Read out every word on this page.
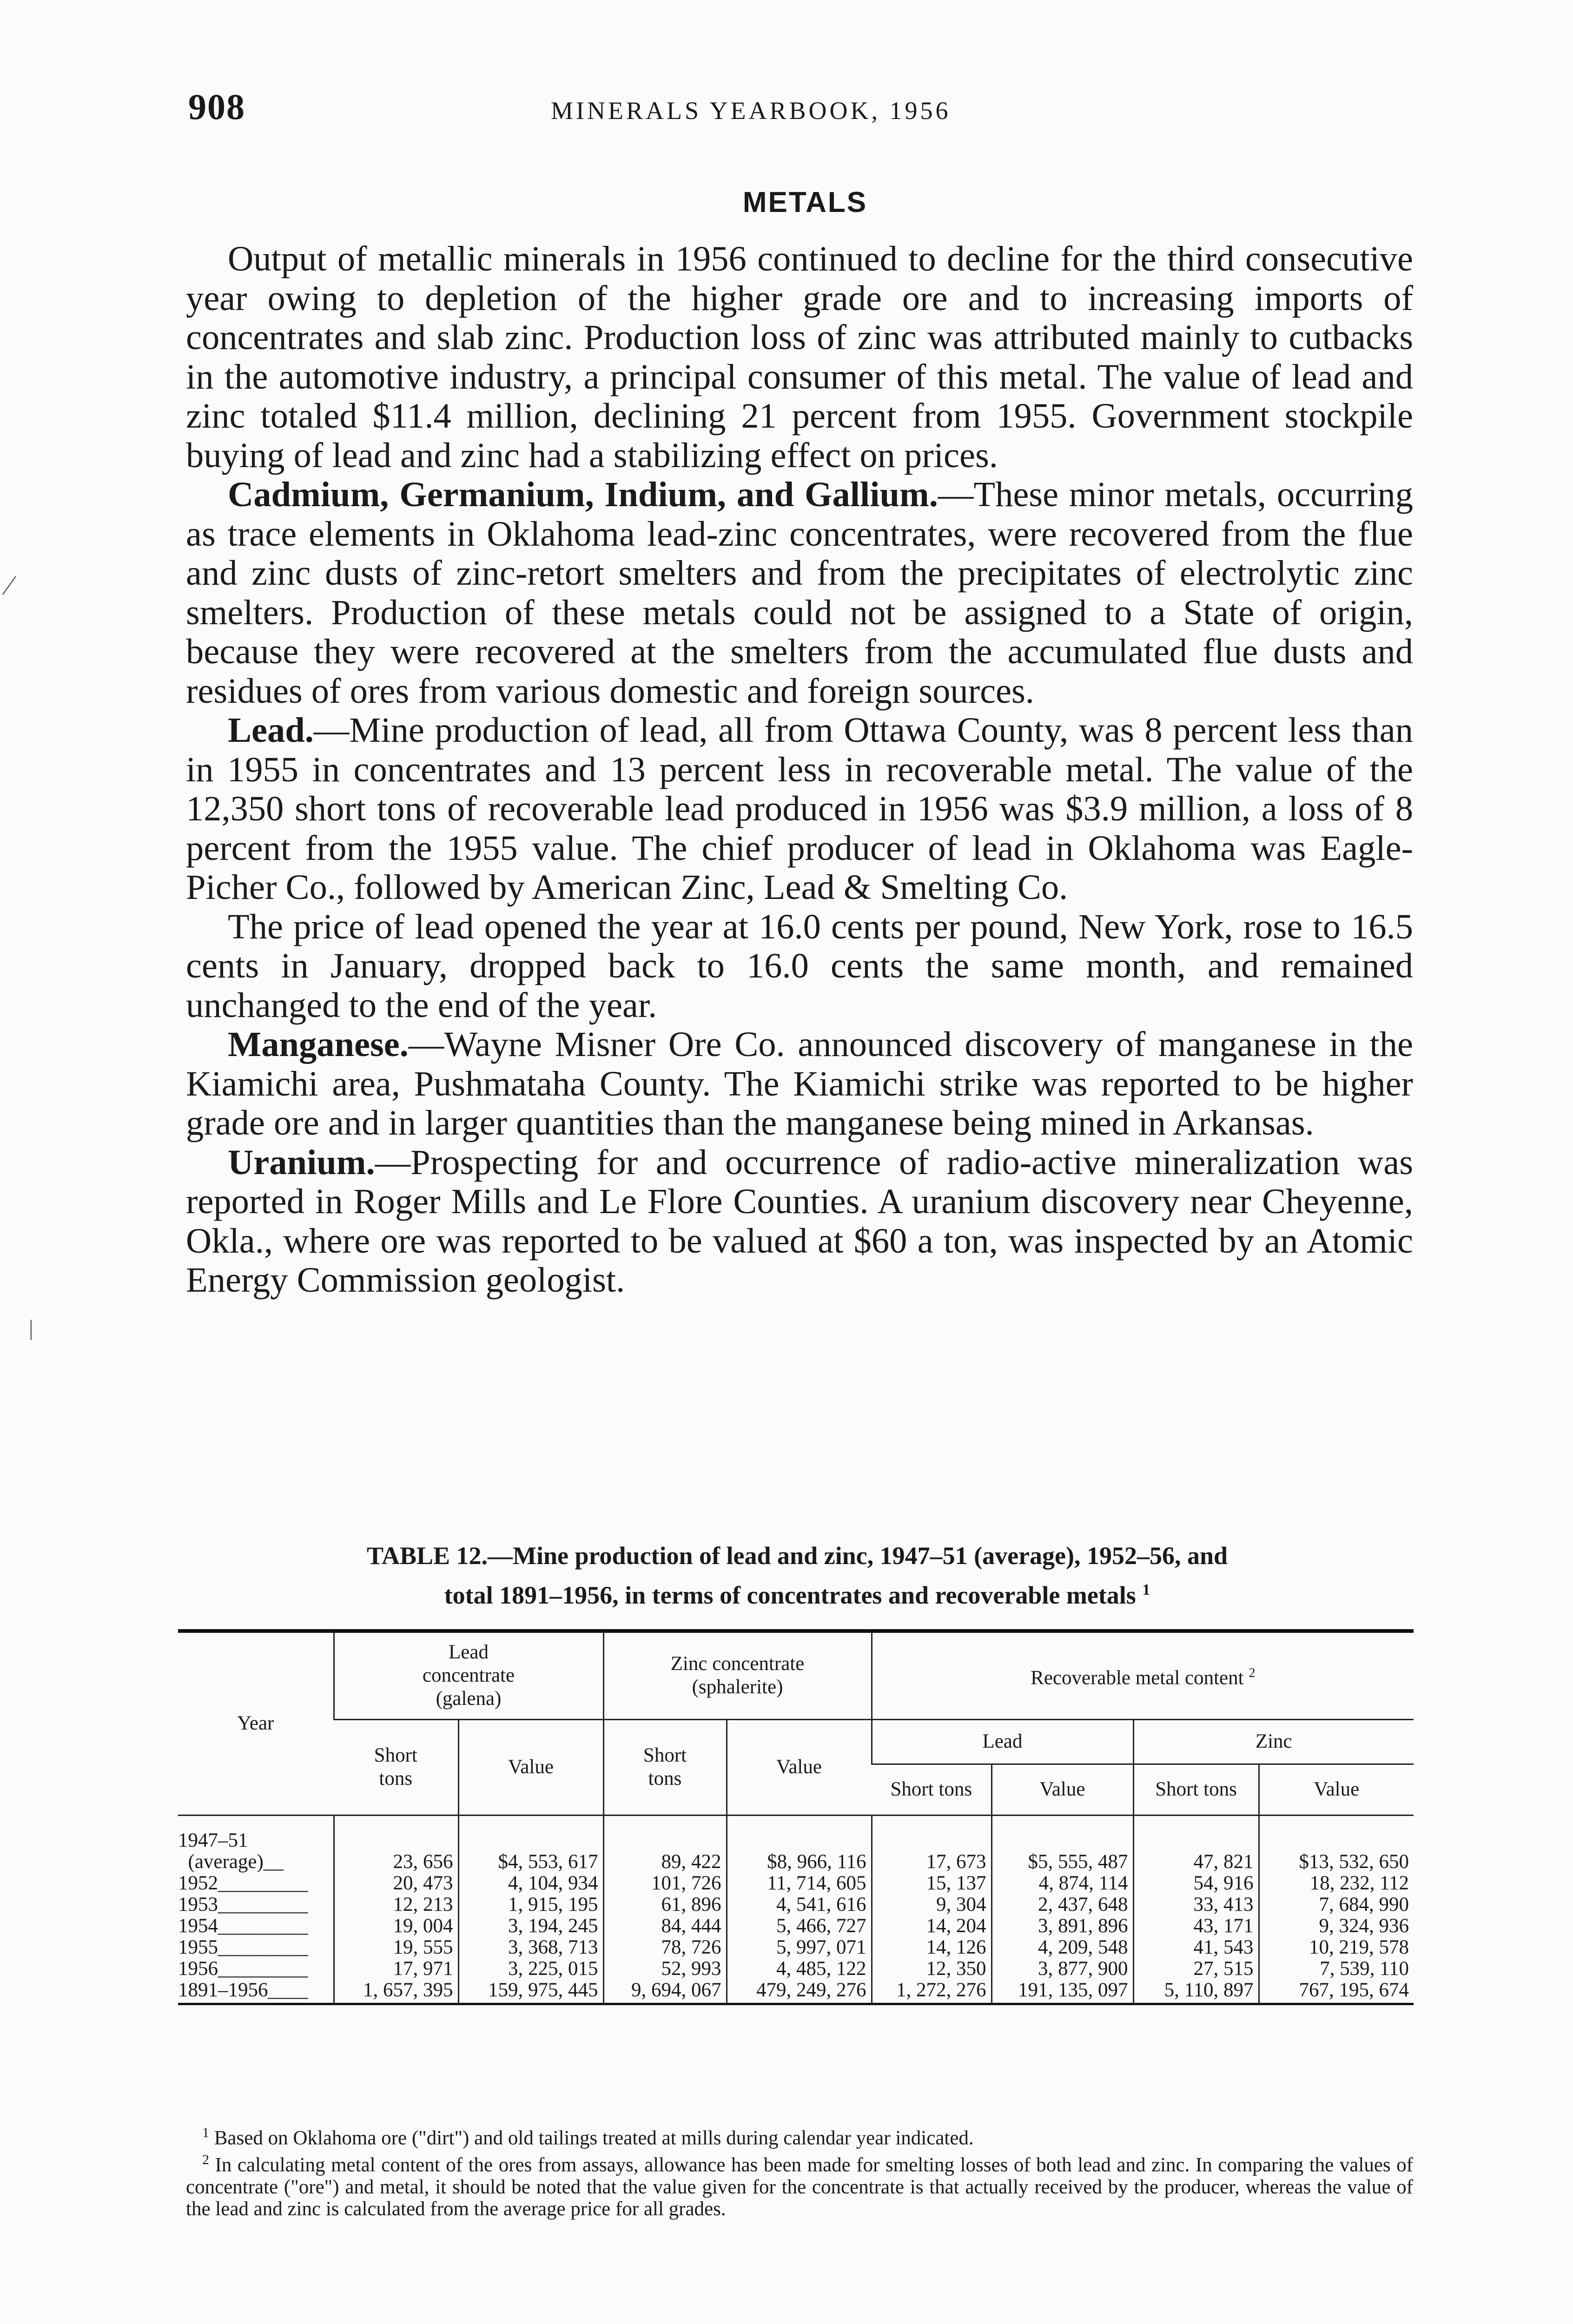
908	MINERALS YEARBOOK, 1956
METALS

Output of metallic minerals in 1956 continued to decline for the third consecutive year owing to depletion of the higher grade ore and to increasing imports of concentrates and slab zinc. Production loss of zinc was attributed mainly to cutbacks in the automotive industry, a principal consumer of this metal. The value of lead and zinc totaled $11.4 million, declining 21 percent from 1955. Government stockpile buying of lead and zinc had a stabilizing effect on prices.

Cadmium, Germanium, Indium, and Gallium.—These minor metals, occurring as trace elements in Oklahoma lead-zinc concentrates, were recovered from the flue and zinc dusts of zinc-retort smelters and from the precipitates of electrolytic zinc smelters. Production of these metals could not be assigned to a State of origin, because they were recovered at the smelters from the accumulated flue dusts and residues of ores from various domestic and foreign sources.

Lead.—Mine production of lead, all from Ottawa County, was 8 percent less than in 1955 in concentrates and 13 percent less in recoverable metal. The value of the 12,350 short tons of recoverable lead produced in 1956 was $3.9 million, a loss of 8 percent from the 1955 value. The chief producer of lead in Oklahoma was Eagle-Picher Co., followed by American Zinc, Lead & Smelting Co.

The price of lead opened the year at 16.0 cents per pound, New York, rose to 16.5 cents in January, dropped back to 16.0 cents the same month, and remained unchanged to the end of the year.

Manganese.—Wayne Misner Ore Co. announced discovery of manganese in the Kiamichi area, Pushmataha County. The Kiamichi strike was reported to be higher grade ore and in larger quantities than the manganese being mined in Arkansas.

Uranium.—Prospecting for and occurrence of radio-active mineralization was reported in Roger Mills and Le Flore Counties. A uranium discovery near Cheyenne, Okla., where ore was reported to be valued at $60 a ton, was inspected by an Atomic Energy Commission geologist.

TABLE 12.—Mine production of lead and zinc, 1947–51 (average), 1952–56, and
total 1891–1956, in terms of concentrates and recoverable metals $^1$
Year	Lead concentrate (galena)		Zinc concentrate (sphalerite)		Recoverable metal content $^2$

	Short tons	Value	Short tons	Value	Lead		Zinc	
					Short tons	Value	Short tons	Value

1947–51								
(average)__	23, 656	$4, 553, 617	89, 422	$8, 966, 116	17, 673	$5, 555, 487	47, 821	$13, 532, 650
1952_________	20, 473	4, 104, 934	101, 726	11, 714, 605	15, 137	4, 874, 114	54, 916	18, 232, 112
1953_________	12, 213	1, 915, 195	61, 896	4, 541, 616	9, 304	2, 437, 648	33, 413	7, 684, 990
1954_________	19, 004	3, 194, 245	84, 444	5, 466, 727	14, 204	3, 891, 896	43, 171	9, 324, 936
1955_________	19, 555	3, 368, 713	78, 726	5, 997, 071	14, 126	4, 209, 548	41, 543	10, 219, 578
1956_________	17, 971	3, 225, 015	52, 993	4, 485, 122	12, 350	3, 877, 900	27, 515	7, 539, 110
1891–1956____	1, 657, 395	159, 975, 445	9, 694, 067	479, 249, 276	1, 272, 276	191, 135, 097	5, 110, 897	767, 195, 674

$^1$ Based on Oklahoma ore ("dirt") and old tailings treated at mills during calendar year indicated.

$^2$ In calculating metal content of the ores from assays, allowance has been made for smelting losses of both lead and zinc. In comparing the values of concentrate ("ore") and metal, it should be noted that the value given for the concentrate is that actually received by the producer, whereas the value of the lead and zinc is calculated from the average price for all grades.

⁄
|
